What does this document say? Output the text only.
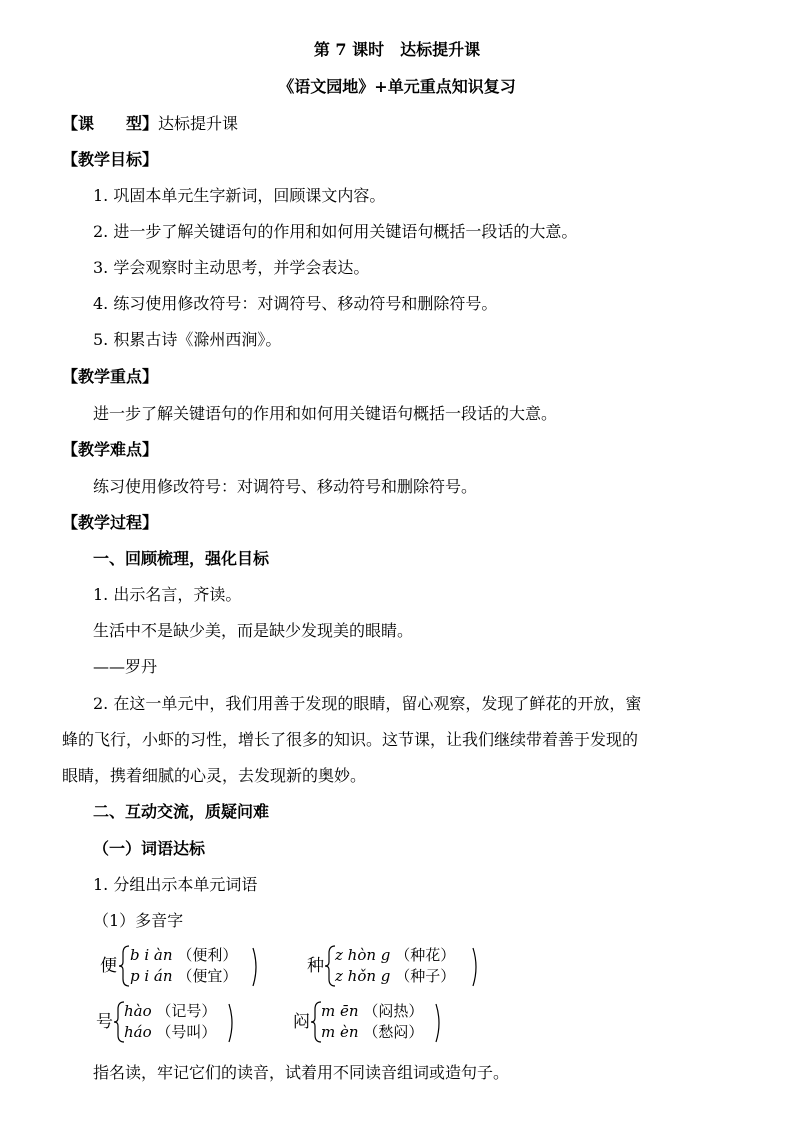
第 7 课时　达标提升课
《语文园地》+单元重点知识复习
【课　　型】达标提升课
【教学目标】
1. 巩固本单元生字新词，回顾课文内容。
2. 进一步了解关键语句的作用和如何用关键语句概括一段话的大意。
3. 学会观察时主动思考，并学会表达。
4. 练习使用修改符号：对调符号、移动符号和删除符号。
5. 积累古诗《滁州西涧》。
【教学重点】
进一步了解关键语句的作用和如何用关键语句概括一段话的大意。
【教学难点】
练习使用修改符号：对调符号、移动符号和删除符号。
【教学过程】
一、回顾梳理，强化目标
1. 出示名言，齐读。
生活中不是缺少美，而是缺少发现美的眼睛。
——罗丹
2. 在这一单元中，我们用善于发现的眼睛，留心观察，发现了鲜花的开放，蜜
蜂的飞行，小虾的习性，增长了很多的知识。这节课，让我们继续带着善于发现的
眼睛，携着细腻的心灵，去发现新的奥妙。
二、互动交流，质疑问难
（一）词语达标
1. 分组出示本单元词语
（1）多音字
便
b i àn （便利）
p i án （便宜）	种
z hòn g （种花）
z hǒn g （种子）
号
hào （记号）
háo （号叫）	闷
m ēn （闷热）
m èn （愁闷）
指名读，牢记它们的读音，试着用不同读音组词或造句子。
